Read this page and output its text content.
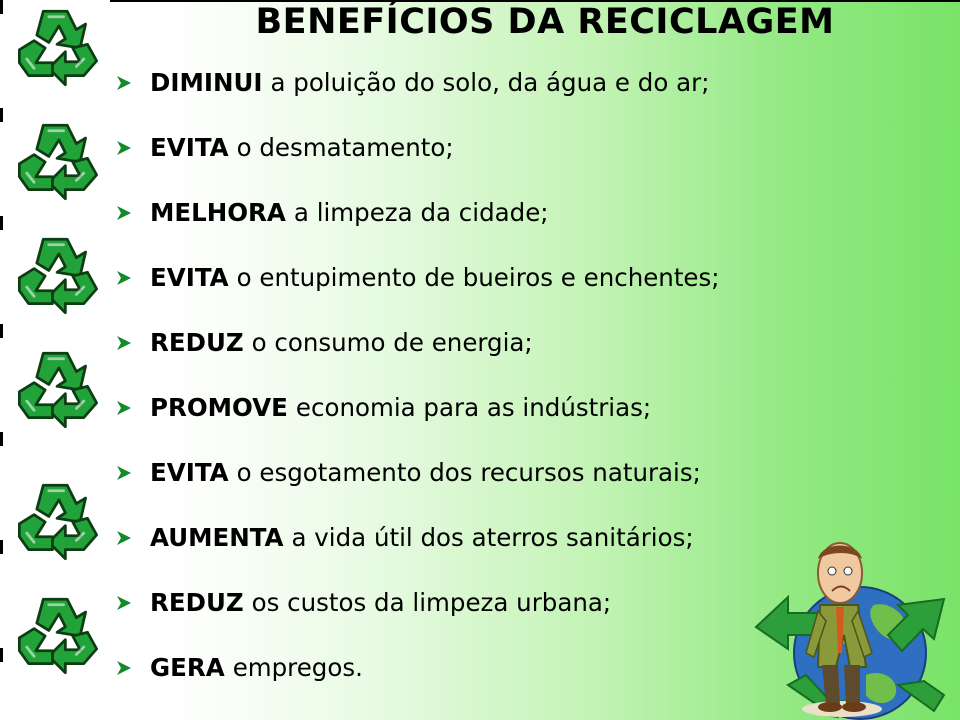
BENEFÍCIOS DA RECICLAGEM
DIMINUI a poluição do solo, da água e do ar;
EVITA o desmatamento;
MELHORA a limpeza da cidade;
EVITA o entupimento de bueiros e enchentes;
REDUZ o consumo de energia;
PROMOVE economia para as indústrias;
EVITA o esgotamento dos recursos naturais;
AUMENTA a vida útil dos aterros sanitários;
REDUZ os custos da limpeza urbana;
GERA empregos.
